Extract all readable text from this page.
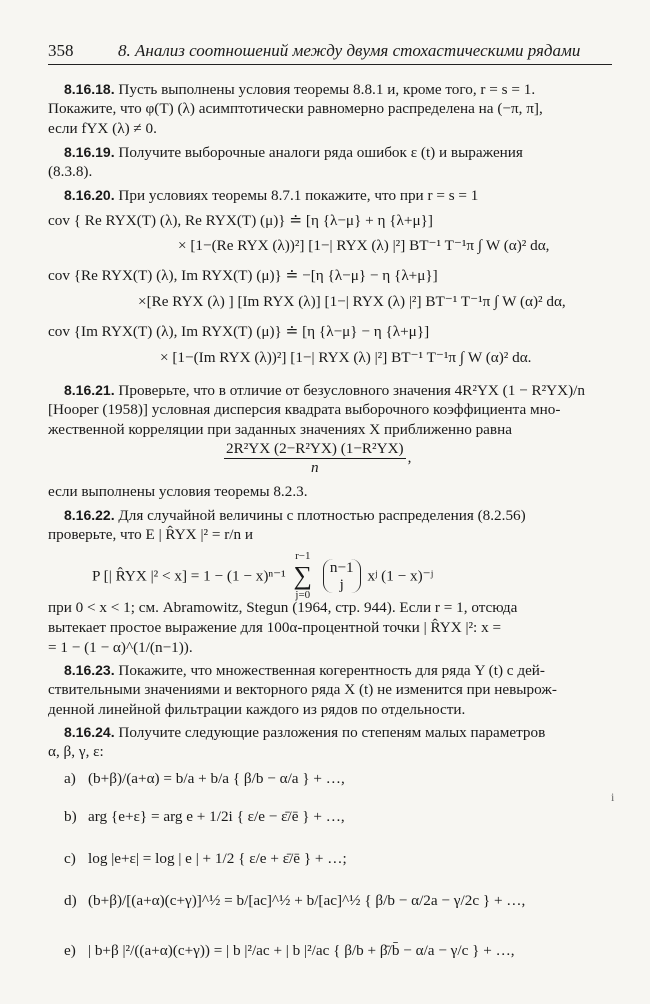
358	8. Анализ соотношений между двумя стохастическими рядами
8.16.18. Пусть выполнены условия теоремы 8.8.1 и, кроме того, r = s = 1.
Покажите, что φ(T) (λ) асимптотически равномерно распределена на (−π, π],
если fYX (λ) ≠ 0.
8.16.19. Получите выборочные аналоги ряда ошибок ε (t) и выражения
(8.3.8).
8.16.20. При условиях теоремы 8.7.1 покажите, что при r = s = 1
cov { Re RYX(T) (λ), Re RYX(T) (μ)} ≐ [η {λ−μ} + η {λ+μ}]
× [1−(Re RYX (λ))²] [1−| RYX (λ) |²] BT⁻¹ T⁻¹π ∫ W (α)² dα,
cov {Re RYX(T) (λ), Im RYX(T) (μ)} ≐ −[η {λ−μ} − η {λ+μ}]
×[Re RYX (λ) ] [Im RYX (λ)] [1−| RYX (λ) |²] BT⁻¹ T⁻¹π ∫ W (α)² dα,
cov {Im RYX(T) (λ), Im RYX(T) (μ)} ≐ [η {λ−μ} − η {λ+μ}]
× [1−(Im RYX (λ))²] [1−| RYX (λ) |²] BT⁻¹ T⁻¹π ∫ W (α)² dα.
8.16.21. Проверьте, что в отличие от безусловного значения 4R²YX (1 − R²YX)/n
[Hooper (1958)] условная дисперсия квадрата выборочного коэффициента мно-
жественной корреляции при заданных значениях X приближенно равна
$\frac{\text{2R²YX (2−R²YX) (1−R²YX)}}{n}$ ,
если выполнены условия теоремы 8.2.3.
8.16.22. Для случайной величины с плотностью распределения (8.2.56)
проверьте, что E | R̂YX |² = r/n и
P [| R̂YX |² < x] = 1 − (1 − x)ⁿ⁻¹
r−1
∑
j=0

n−1
j	xʲ (1 − x)⁻ʲ
при 0 < x < 1; см. Abramowitz, Stegun (1964, стр. 944). Если r = 1, отсюда
вытекает простое выражение для 100α-процентной точки | R̂YX |²: x =
= 1 − (1 − α)^(1/(n−1)).
8.16.23. Покажите, что множественная когерентность для ряда Y (t) с дей-
ствительными значениями и векторного ряда X (t) не изменится при невырож-
денной линейной фильтрации каждого из рядов по отдельности.
8.16.24. Получите следующие разложения по степеням малых параметров
α, β, γ, ε:
a) (b+β)/(a+α) = b/a + b/a { β/b − α/a } + …,
b) arg {e+ε} = arg e + 1/2i { ε/e − ε̄/ē } + …,
c) log |e+ε| = log | e | + 1/2 { ε/e + ε̄/ē } + …;
d) (b+β)/[(a+α)(c+γ)]^½ = b/[ac]^½ + b/[ac]^½ { β/b − α/2a − γ/2c } + …,
e) | b+β |²/((a+α)(c+γ)) = | b |²/ac + | b |²/ac { β/b + β̄/b̄ − α/a − γ/c } + …,
i
